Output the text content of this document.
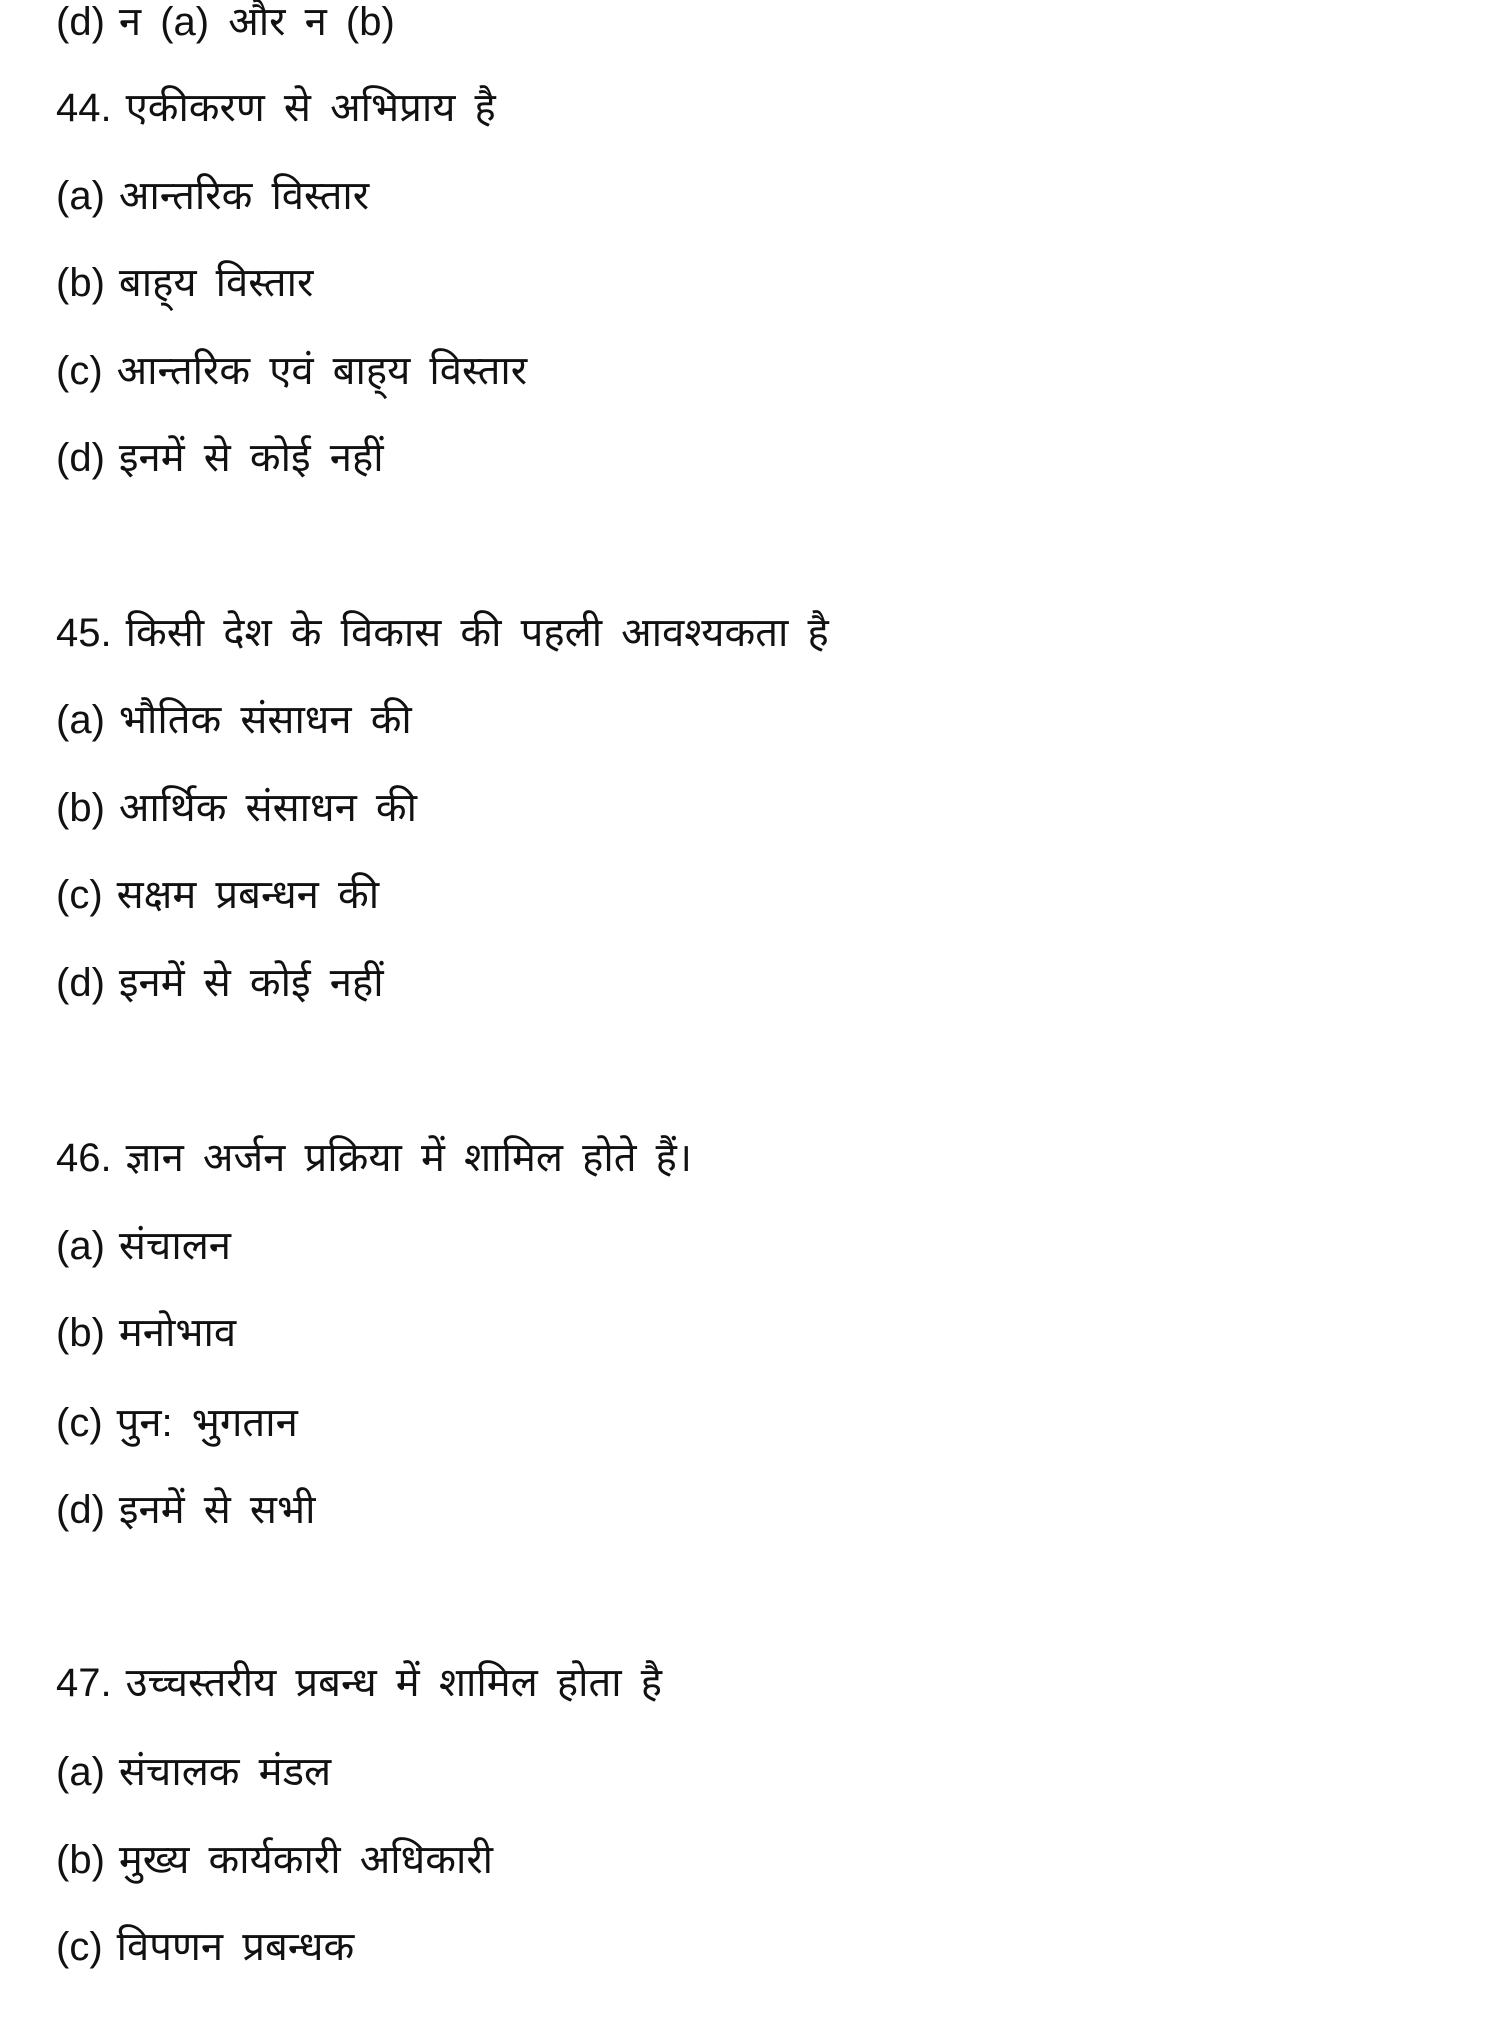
(d) न (a) और न (b)
44. एकीकरण से अभिप्राय है
(a) आन्तरिक विस्तार
(b) बाह्‌य विस्तार
(c) आन्तरिक एवं बाह्‌य विस्तार
(d) इनमें से कोई नहीं
45. किसी देश के विकास की पहली आवश्यकता है
(a) भौतिक संसाधन की
(b) आर्थिक संसाधन की
(c) सक्षम प्रबन्धन की
(d) इनमें से कोई नहीं
46. ज्ञान अर्जन प्रक्रिया में शामिल होते हैं।
(a) संचालन
(b) मनोभाव
(c) पुन: भुगतान
(d) इनमें से सभी
47. उच्चस्तरीय प्रबन्ध में शामिल होता है
(a) संचालक मंडल
(b) मुख्य कार्यकारी अधिकारी
(c) विपणन प्रबन्धक
